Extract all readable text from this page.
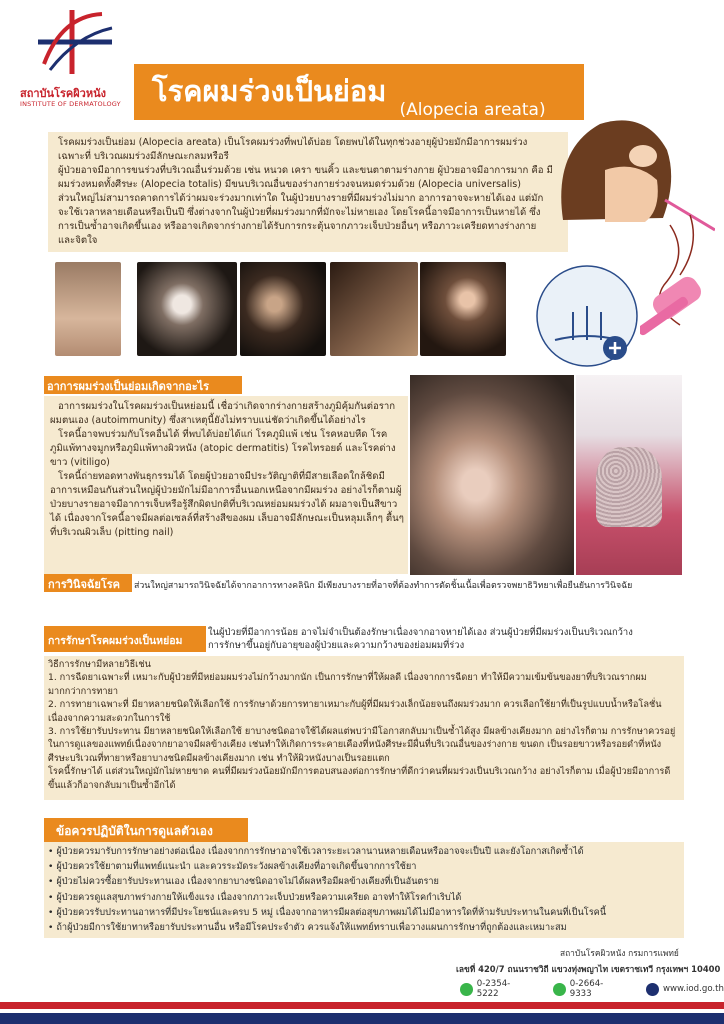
สถาบันโรคผิวหนัง
INSTITUTE OF DERMATOLOGY โรคผมร่วงเป็นย่อม (Alopecia areata)
โรคผมร่วงเป็นย่อม (Alopecia areata) เป็นโรคผมร่วงที่พบได้บ่อย โดยพบได้ในทุกช่วงอายุผู้ป่วยมักมีอาการผมร่วงเฉพาะที่ บริเวณผมร่วงมีลักษณะกลมหรือรี
ผู้ป่วยอาจมีอาการขนร่วงที่บริเวณอื่นร่วมด้วย เช่น หนวด เครา ขนคิ้ว และขนตาตามร่างกาย ผู้ป่วยอาจมีอาการมาก คือ มีผมร่วงหมดทั้งศีรษะ (Alopecia totalis) มีขนบริเวณอื่นของร่างกายร่วงจนหมดร่วมด้วย (Alopecia universalis)
ส่วนใหญ่ไม่สามารถคาดการได้ว่าผมจะร่วงมากเท่าใด ในผู้ป่วยบางรายที่มีผมร่วงไม่มาก อาการอาจจะหายได้เอง แต่มักจะใช้เวลาหลายเดือนหรือเป็นปี ซึ่งต่างจากในผู้ป่วยที่ผมร่วงมากที่มักจะไม่หายเอง โดยโรคนี้อาจมีอาการเป็นหายได้ ซึ่งการเป็นซ้ำอาจเกิดขึ้นเอง หรืออาจเกิดจากร่างกายได้รับการกระตุ้นจากภาวะเจ็บป่วยอื่นๆ หรือภาวะเครียดทางร่างกาย และจิตใจ
อาการผมร่วงเป็นย่อมเกิดจากอะไร
อาการผมร่วงในโรคผมร่วงเป็นหย่อมนี้ เชื่อว่าเกิดจากร่างกายสร้างภูมิคุ้มกันต่อรากผมตนเอง (autoimmunity) ซึ่งสาเหตุนี้ยังไม่ทราบแน่ชัดว่าเกิดขึ้นได้อย่างไร
โรคนี้อาจพบร่วมกับโรคอื่นได้ ที่พบได้บ่อยได้แก่ โรคภูมิแพ้ เช่น โรคหอบหืด โรคภูมิแพ้ทางจมูกหรือภูมิแพ้ทางผิวหนัง (atopic dermatitis) โรคไทรอยด์ และโรคด่างขาว (vitiligo)
โรคนี้ถ่ายทอดทางพันธุกรรมได้ โดยผู้ป่วยอาจมีประวัติญาติที่มีสายเลือดใกล้ชิดมีอาการเหมือนกันส่วนใหญ่ผู้ป่วยมักไม่มีอาการอื่นนอกเหนือจากมีผมร่วง อย่างไรก็ตามผู้ป่วยบางรายอาจมีอาการเจ็บหรือรู้สึกผิดปกติที่บริเวณหย่อมผมร่วงได้ ผมอาจเป็นสีขาวได้ เนื่องจากโรคนี้อาจมีผลต่อเซลล์ที่สร้างสีของผม เล็บอาจมีลักษณะเป็นหลุมเล็กๆ ตื้นๆที่บริเวณผิวเล็บ (pitting nail)
การวินิจฉัยโรค ส่วนใหญ่สามารถวินิจฉัยได้จากอาการทางคลินิก มีเพียงบางรายที่อาจที่ต้องทำการตัดชิ้นเนื้อเพื่อตรวจพยาธิวิทยาเพื่อยืนยันการวินิจฉัย
การรักษาโรคผมร่วงเป็นหย่อม
ในผู้ป่วยที่มีอาการน้อย อาจไม่จำเป็นต้องรักษาเนื่องจากอาจหายได้เอง ส่วนผู้ป่วยที่มีผมร่วงเป็นบริเวณกว้าง การรักษาขึ้นอยู่กับอายุของผู้ป่วยและความกว้างของย่อมผมที่ร่วง
วิธีการรักษามีหลายวิธีเช่น
1. การฉีดยาเฉพาะที่ เหมาะกับผู้ป่วยที่มีหย่อมผมร่วงไม่กว้างมากนัก เป็นการรักษาที่ให้ผลดี เนื่องจากการฉีดยา ทำให้มีความเข้มข้นของยาที่บริเวณรากผมมากกว่าการทายา
2. การทายาเฉพาะที่ มียาหลายชนิดให้เลือกใช้ การรักษาด้วยการทายาเหมาะกับผู้ที่มีผมร่วงเล็กน้อยจนถึงผมร่วงมาก ควรเลือกใช้ยาที่เป็นรูปแบบน้ำหรือโลชั่น เนื่องจากความสะดวกในการใช้
3. การใช้ยารับประทาน มียาหลายชนิดให้เลือกใช้ ยาบางชนิดอาจใช้ได้ผลแต่พบว่ามีโอกาสกลับมาเป็นซ้ำได้สูง มีผลข้างเคียงมาก อย่างไรก็ตาม การรักษาควรอยู่ในการดูแลของแพทย์เนื่องจากยาอาจมีผลข้างเคียง เช่นทำให้เกิดการระคายเคืองที่หนังศีรษะมีผื่นที่บริเวณอื่นของร่างกาย ขนดก เป็นรอยขาวหรือรอยดำที่หนังศีรษะบริเวณที่ทายาหรือยาบางชนิดมีผลข้างเคียงมาก เช่น ทำให้ผิวหนังบางเป็นรอยแตก
โรคนี้รักษาได้ แต่ส่วนใหญ่มักไม่หายขาด คนที่มีผมร่วงน้อยมักมีการตอบสนองต่อการรักษาที่ดีกว่าคนที่ผมร่วงเป็นบริเวณกว้าง อย่างไรก็ตาม เมื่อผู้ป่วยมีอาการดีขึ้นแล้วก็อาจกลับมาเป็นซ้ำอีกได้
ข้อควรปฏิบัติในการดูแลตัวเอง
• ผู้ป่วยควรมารับการรักษาอย่างต่อเนื่อง เนื่องจากการรักษาอาจใช้เวลาระยะเวลานานหลายเดือนหรืออาจจะเป็นปี และยังโอกาสเกิดซ้ำได้
• ผู้ป่วยควรใช้ยาตามที่แพทย์แนะนำ และควรระมัดระวังผลข้างเคียงที่อาจเกิดขึ้นจากการใช้ยา
• ผู้ป่วยไม่ควรซื้อยารับประทานเอง เนื่องจากยาบางชนิดอาจไม่ได้ผลหรือมีผลข้างเคียงที่เป็นอันตราย
• ผู้ป่วยควรดูแลสุขภาพร่างกายให้แข็งแรง เนื่องจากภาวะเจ็บป่วยหรือความเครียด อาจทำให้โรคกำเริบได้
• ผู้ป่วยควรรับประทานอาหารที่มีประโยชน์และครบ 5 หมู่ เนื่องจากอาหารมีผลต่อสุขภาพผมได้ไม่มีอาหารใดที่ห้ามรับประทานในคนที่เป็นโรคนี้
• ถ้าผู้ป่วยมีการใช้ยาทาหรือยารับประทานอื่น หรือมีโรคประจำตัว ควรแจ้งให้แพทย์ทราบเพื่อวางแผนการรักษาที่ถูกต้องและเหมาะสม
สถาบันโรคผิวหนัง กรมการแพทย์
เลขที่ 420/7 ถนนราชวิถี แขวงทุ่งพญาไท เขตราชเทวี กรุงเทพฯ 10400
0-2354-5222
0-2664-9333	www.iod.go.th
